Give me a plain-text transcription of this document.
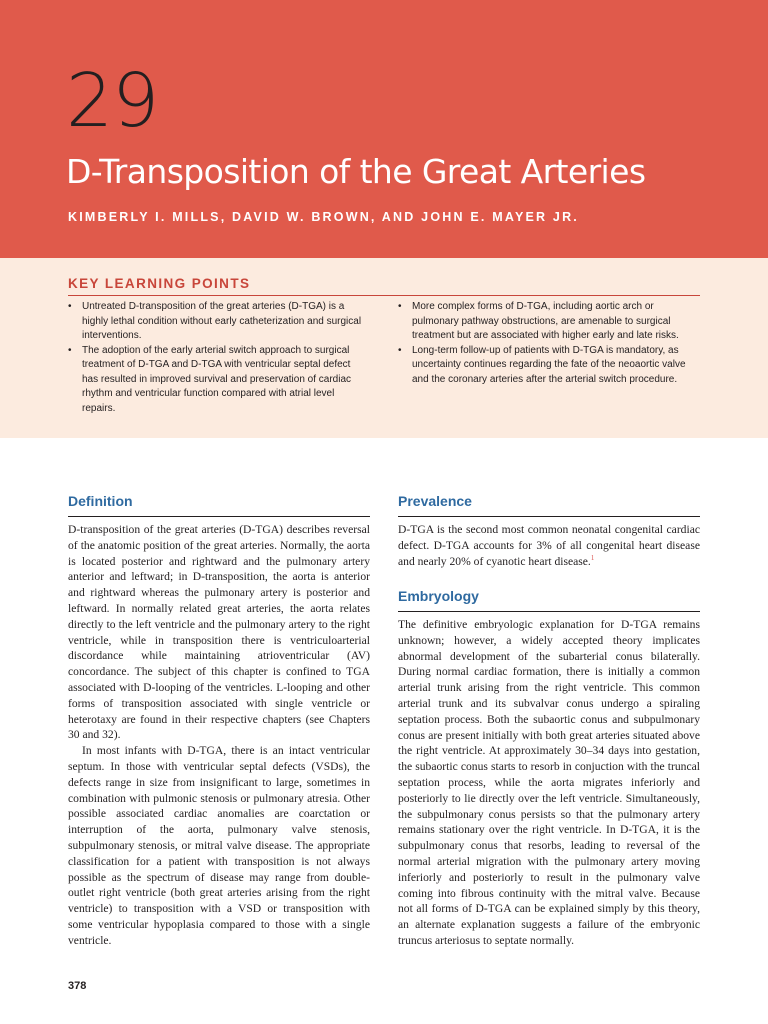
29
D-Transposition of the Great Arteries
KIMBERLY I. MILLS, DAVID W. BROWN, AND JOHN E. MAYER JR.
KEY LEARNING POINTS
• Untreated D-transposition of the great arteries (D-TGA) is a highly lethal condition without early catheterization and surgical interventions.
• The adoption of the early arterial switch approach to surgical treatment of D-TGA and D-TGA with ventricular septal defect has resulted in improved survival and preservation of cardiac rhythm and ventricular function compared with atrial level repairs.
• More complex forms of D-TGA, including aortic arch or pulmonary pathway obstructions, are amenable to surgical treatment but are associated with higher early and late risks.
• Long-term follow-up of patients with D-TGA is mandatory, as uncertainty continues regarding the fate of the neoaortic valve and the coronary arteries after the arterial switch procedure.
Definition

D-transposition of the great arteries (D-TGA) describes reversal of the anatomic position of the great arteries. Normally, the aorta is located posterior and rightward and the pulmonary artery anterior and leftward; in D-transposition, the aorta is anterior and rightward whereas the pulmonary artery is posterior and leftward. In normally related great arteries, the aorta relates directly to the left ventricle and the pulmonary artery to the right ventricle, while in transposition there is ventriculoarterial discordance while maintaining atrioventricular (AV) concordance. The subject of this chapter is confined to TGA associated with D-looping of the ventricles. L-looping and other forms of transposition associated with single ventricle or heterotaxy are found in their respective chapters (see Chapters 30 and 32).

In most infants with D-TGA, there is an intact ventricular septum. In those with ventricular septal defects (VSDs), the defects range in size from insignificant to large, sometimes in combination with pulmonic stenosis or pulmonary atresia. Other possible associated cardiac anomalies are coarctation or interruption of the aorta, pulmonary valve stenosis, subpulmonary stenosis, or mitral valve disease. The appropriate classification for a patient with transposition is not always possible as the spectrum of disease may range from double-outlet right ventricle (both great arteries arising from the right ventricle) to transposition with a VSD or transposition with some ventricular hypoplasia compared to those with a single ventricle.

Prevalence

D-TGA is the second most common neonatal congenital cardiac defect. D-TGA accounts for 3% of all congenital heart disease and nearly 20% of cyanotic heart disease.$^1$

Embryology

The definitive embryologic explanation for D-TGA remains unknown; however, a widely accepted theory implicates abnormal development of the subarterial conus bilaterally. During normal cardiac formation, there is initially a common arterial trunk arising from the right ventricle. This common arterial trunk and its subvalvar conus undergo a spiraling septation process. Both the subaortic conus and subpulmonary conus are present initially with both great arteries situated above the right ventricle. At approximately 30–34 days into gestation, the subaortic conus starts to resorb in conjuction with the truncal septation process, while the aorta migrates inferiorly and posteriorly to lie directly over the left ventricle. Simultaneously, the subpulmonary conus persists so that the pulmonary artery remains stationary over the right ventricle. In D-TGA, it is the subpulmonary conus that resorbs, leading to reversal of the normal arterial migration with the pulmonary artery moving inferiorly and posteriorly to result in the pulmonary valve coming into fibrous continuity with the mitral valve. Because not all forms of D-TGA can be explained simply by this theory, an alternate explanation suggests a failure of the embryonic truncus arteriosus to septate normally.

378
